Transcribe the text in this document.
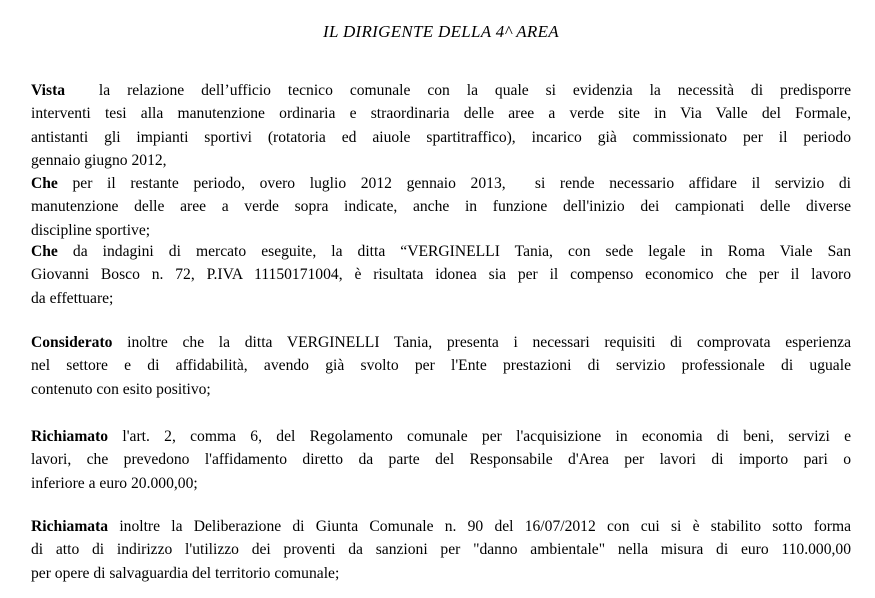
IL DIRIGENTE DELLA 4^ AREA
Vista  la relazione dell’ufficio tecnico comunale con la quale si evidenzia la necessità di predisporre
interventi tesi alla manutenzione ordinaria e straordinaria delle aree a verde site in Via Valle del Formale,
antistanti gli impianti sportivi (rotatoria ed aiuole spartitraffico), incarico già commissionato per il periodo
gennaio giugno 2012,
Che per il restante periodo, overo luglio 2012 gennaio 2013,  si rende necessario affidare il servizio di
manutenzione delle aree a verde sopra indicate, anche in funzione dell'inizio dei campionati delle diverse
discipline sportive;
Che da indagini di mercato eseguite, la ditta “VERGINELLI Tania, con sede legale in Roma Viale San
Giovanni Bosco n. 72, P.IVA 11150171004, è risultata idonea sia per il compenso economico che per il lavoro
da effettuare;
Considerato inoltre che la ditta VERGINELLI Tania, presenta i necessari requisiti di comprovata esperienza
nel settore e di affidabilità, avendo già svolto per l'Ente prestazioni di servizio professionale di uguale
contenuto con esito positivo;
Richiamato l'art. 2, comma 6, del Regolamento comunale per l'acquisizione in economia di beni, servizi e
lavori, che prevedono l'affidamento diretto da parte del Responsabile d'Area per lavori di importo pari o
inferiore a euro 20.000,00;
Richiamata inoltre la Deliberazione di Giunta Comunale n. 90 del 16/07/2012 con cui si è stabilito sotto forma
di atto di indirizzo l'utilizzo dei proventi da sanzioni per "danno ambientale" nella misura di euro 110.000,00
per opere di salvaguardia del territorio comunale;
